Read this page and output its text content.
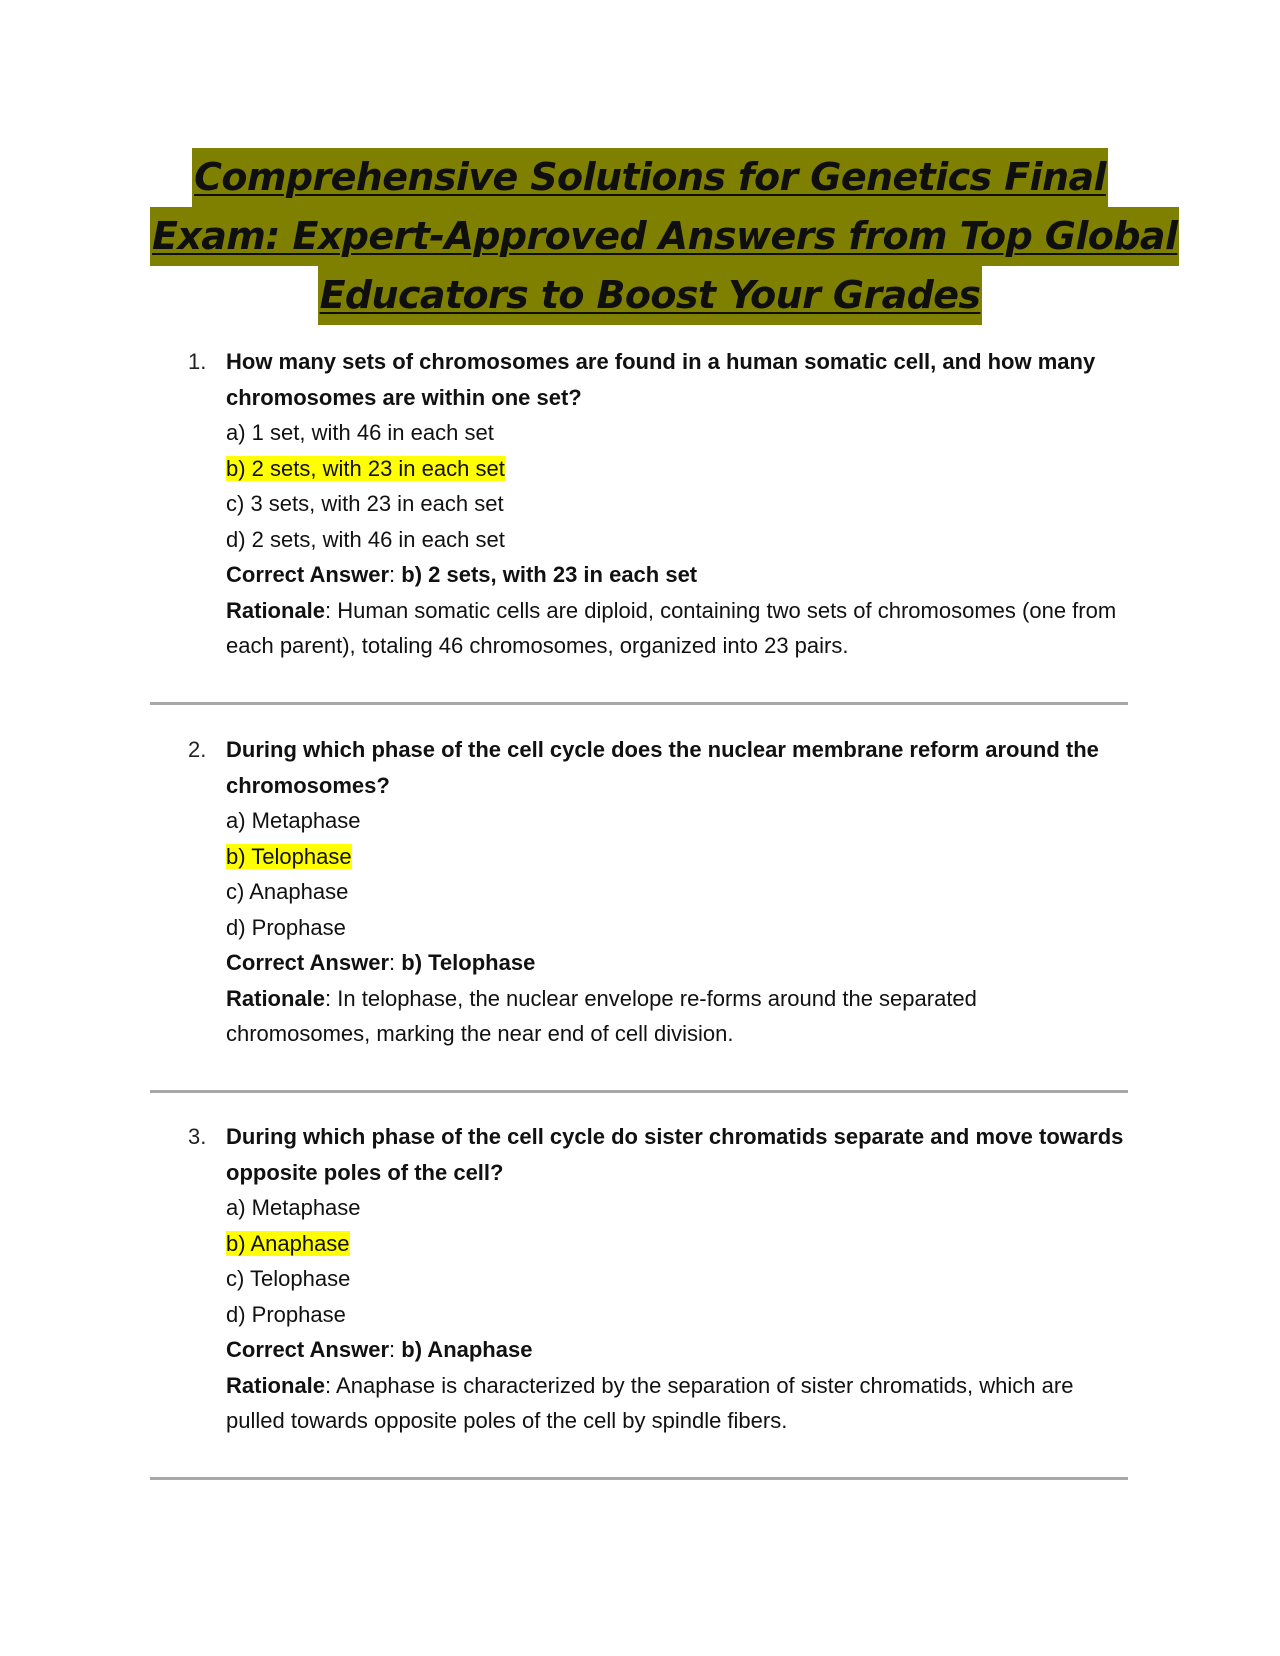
Comprehensive Solutions for Genetics Final
Exam: Expert-Approved Answers from Top Global
Educators to Boost Your Grades
1. How many sets of chromosomes are found in a human somatic cell, and how many chromosomes are within one set?
a) 1 set, with 46 in each set
b) 2 sets, with 23 in each set
c) 3 sets, with 23 in each set
d) 2 sets, with 46 in each set
Correct Answer: b) 2 sets, with 23 in each set
Rationale: Human somatic cells are diploid, containing two sets of chromosomes (one from each parent), totaling 46 chromosomes, organized into 23 pairs.
2. During which phase of the cell cycle does the nuclear membrane reform around the chromosomes?
a) Metaphase
b) Telophase
c) Anaphase
d) Prophase
Correct Answer: b) Telophase
Rationale: In telophase, the nuclear envelope re-forms around the separated chromosomes, marking the near end of cell division.
3. During which phase of the cell cycle do sister chromatids separate and move towards opposite poles of the cell?
a) Metaphase
b) Anaphase
c) Telophase
d) Prophase
Correct Answer: b) Anaphase
Rationale: Anaphase is characterized by the separation of sister chromatids, which are pulled towards opposite poles of the cell by spindle fibers.
